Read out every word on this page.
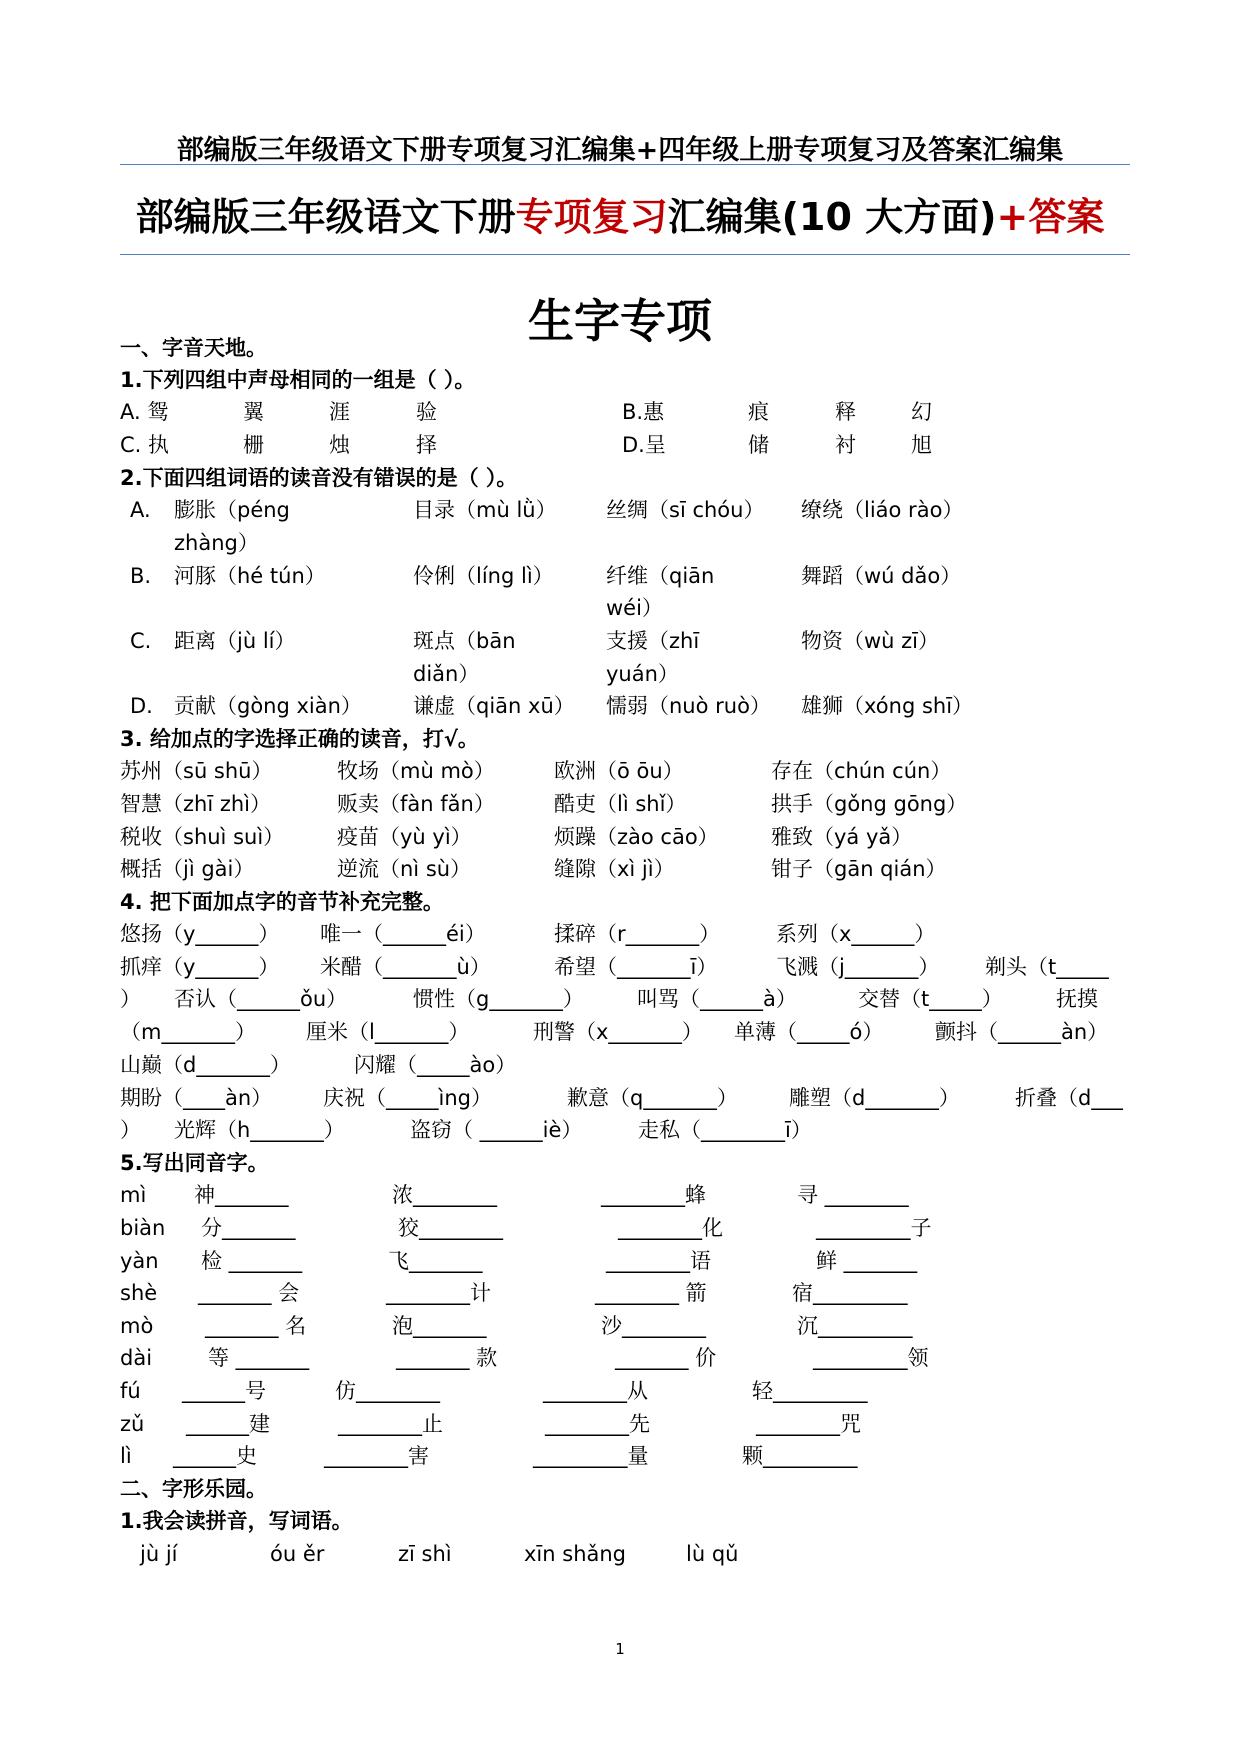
部编版三年级语文下册专项复习汇编集+四年级上册专项复习及答案汇编集
部编版三年级语文下册专项复习汇编集(10 大方面)+答案
生字专项
一、字音天地。
1.下列四组中声母相同的一组是（ ）。
A. 鸳	翼	涯	验	B.惠	痕	释	幻
C. 执	栅	烛	择	D.呈	储	衬	旭
2.下面四组词语的读音没有错误的是（ ）。
A. 膨胀（péng	目录（mù lǜ） 丝绸（sī chóu） 缭绕（liáo rào）
zhàng）
B. 河豚（hé tún）	伶俐（líng lì） 纤维（qiān	舞蹈（wú dǎo）
wéi）
C. 距离（jù lí）	斑点（bān	支援（zhī	物资（wù zī）
diǎn）	yuán）
D. 贡献（gòng xiàn） 谦虚（qiān xū） 懦弱（nuò ruò） 雄狮（xóng shī）
3. 给加点的字选择正确的读音，打√。
苏州（sū shū）	牧场（mù mò）	欧洲（ō ōu）	存在（chún cún）
智慧（zhī zhì）	贩卖（fàn fǎn）	酷吏（lì shǐ）	拱手（gǒng gōng）
税收（shuì suì）	疫苗（yù yì）	烦躁（zào cāo） 雅致（yá yǎ）
概括（jì gài）	逆流（nì sù）	缝隙（xì jì）	钳子（gān qián）
4. 把下面加点字的音节补充完整。
悠扬（y______） 唯一（______éi）	揉碎（r_______）	系列（x______）
抓痒（y______） 米醋（_______ù）	希望（_______ī）	飞溅（j_______） 剃头（t_____
） 否认（______ǒu）	惯性（g_______）	叫骂（______à）	交替（t_____）	抚摸
（m_______） 厘米（l_______）	刑警（x_______） 单薄（_____ó） 颤抖（______àn）
山巅（d_______）	闪耀（_____ào）
期盼（____àn） 庆祝（_____ìng）	歉意（q_______） 雕塑（d_______）	折叠（d___
） 光辉（h_______）	盗窃（ ______iè）	走私（________ī）
5.写出同音字。
mì 神_______	浓________	________蜂	寻 ________
biàn 分_______	狡________	________化	_________子
yàn 检 _______	飞_______	________语	鲜 _______
shè _______ 会	________计	________ 箭	宿_________
mò _______ 名	泡_______	沙________	沉_________
dài	等 _______	_______ 款	_______ 价	_________领
fú ______号	仿________	________从	轻_________
zǔ ______建	________止	________先	________咒
lì ______史	________害	_________量	颗_________
二、字形乐园。
1.我会读拼音，写词语。
jù jí	óu ěr	zī shì	xīn shǎng	lù qǔ
1
